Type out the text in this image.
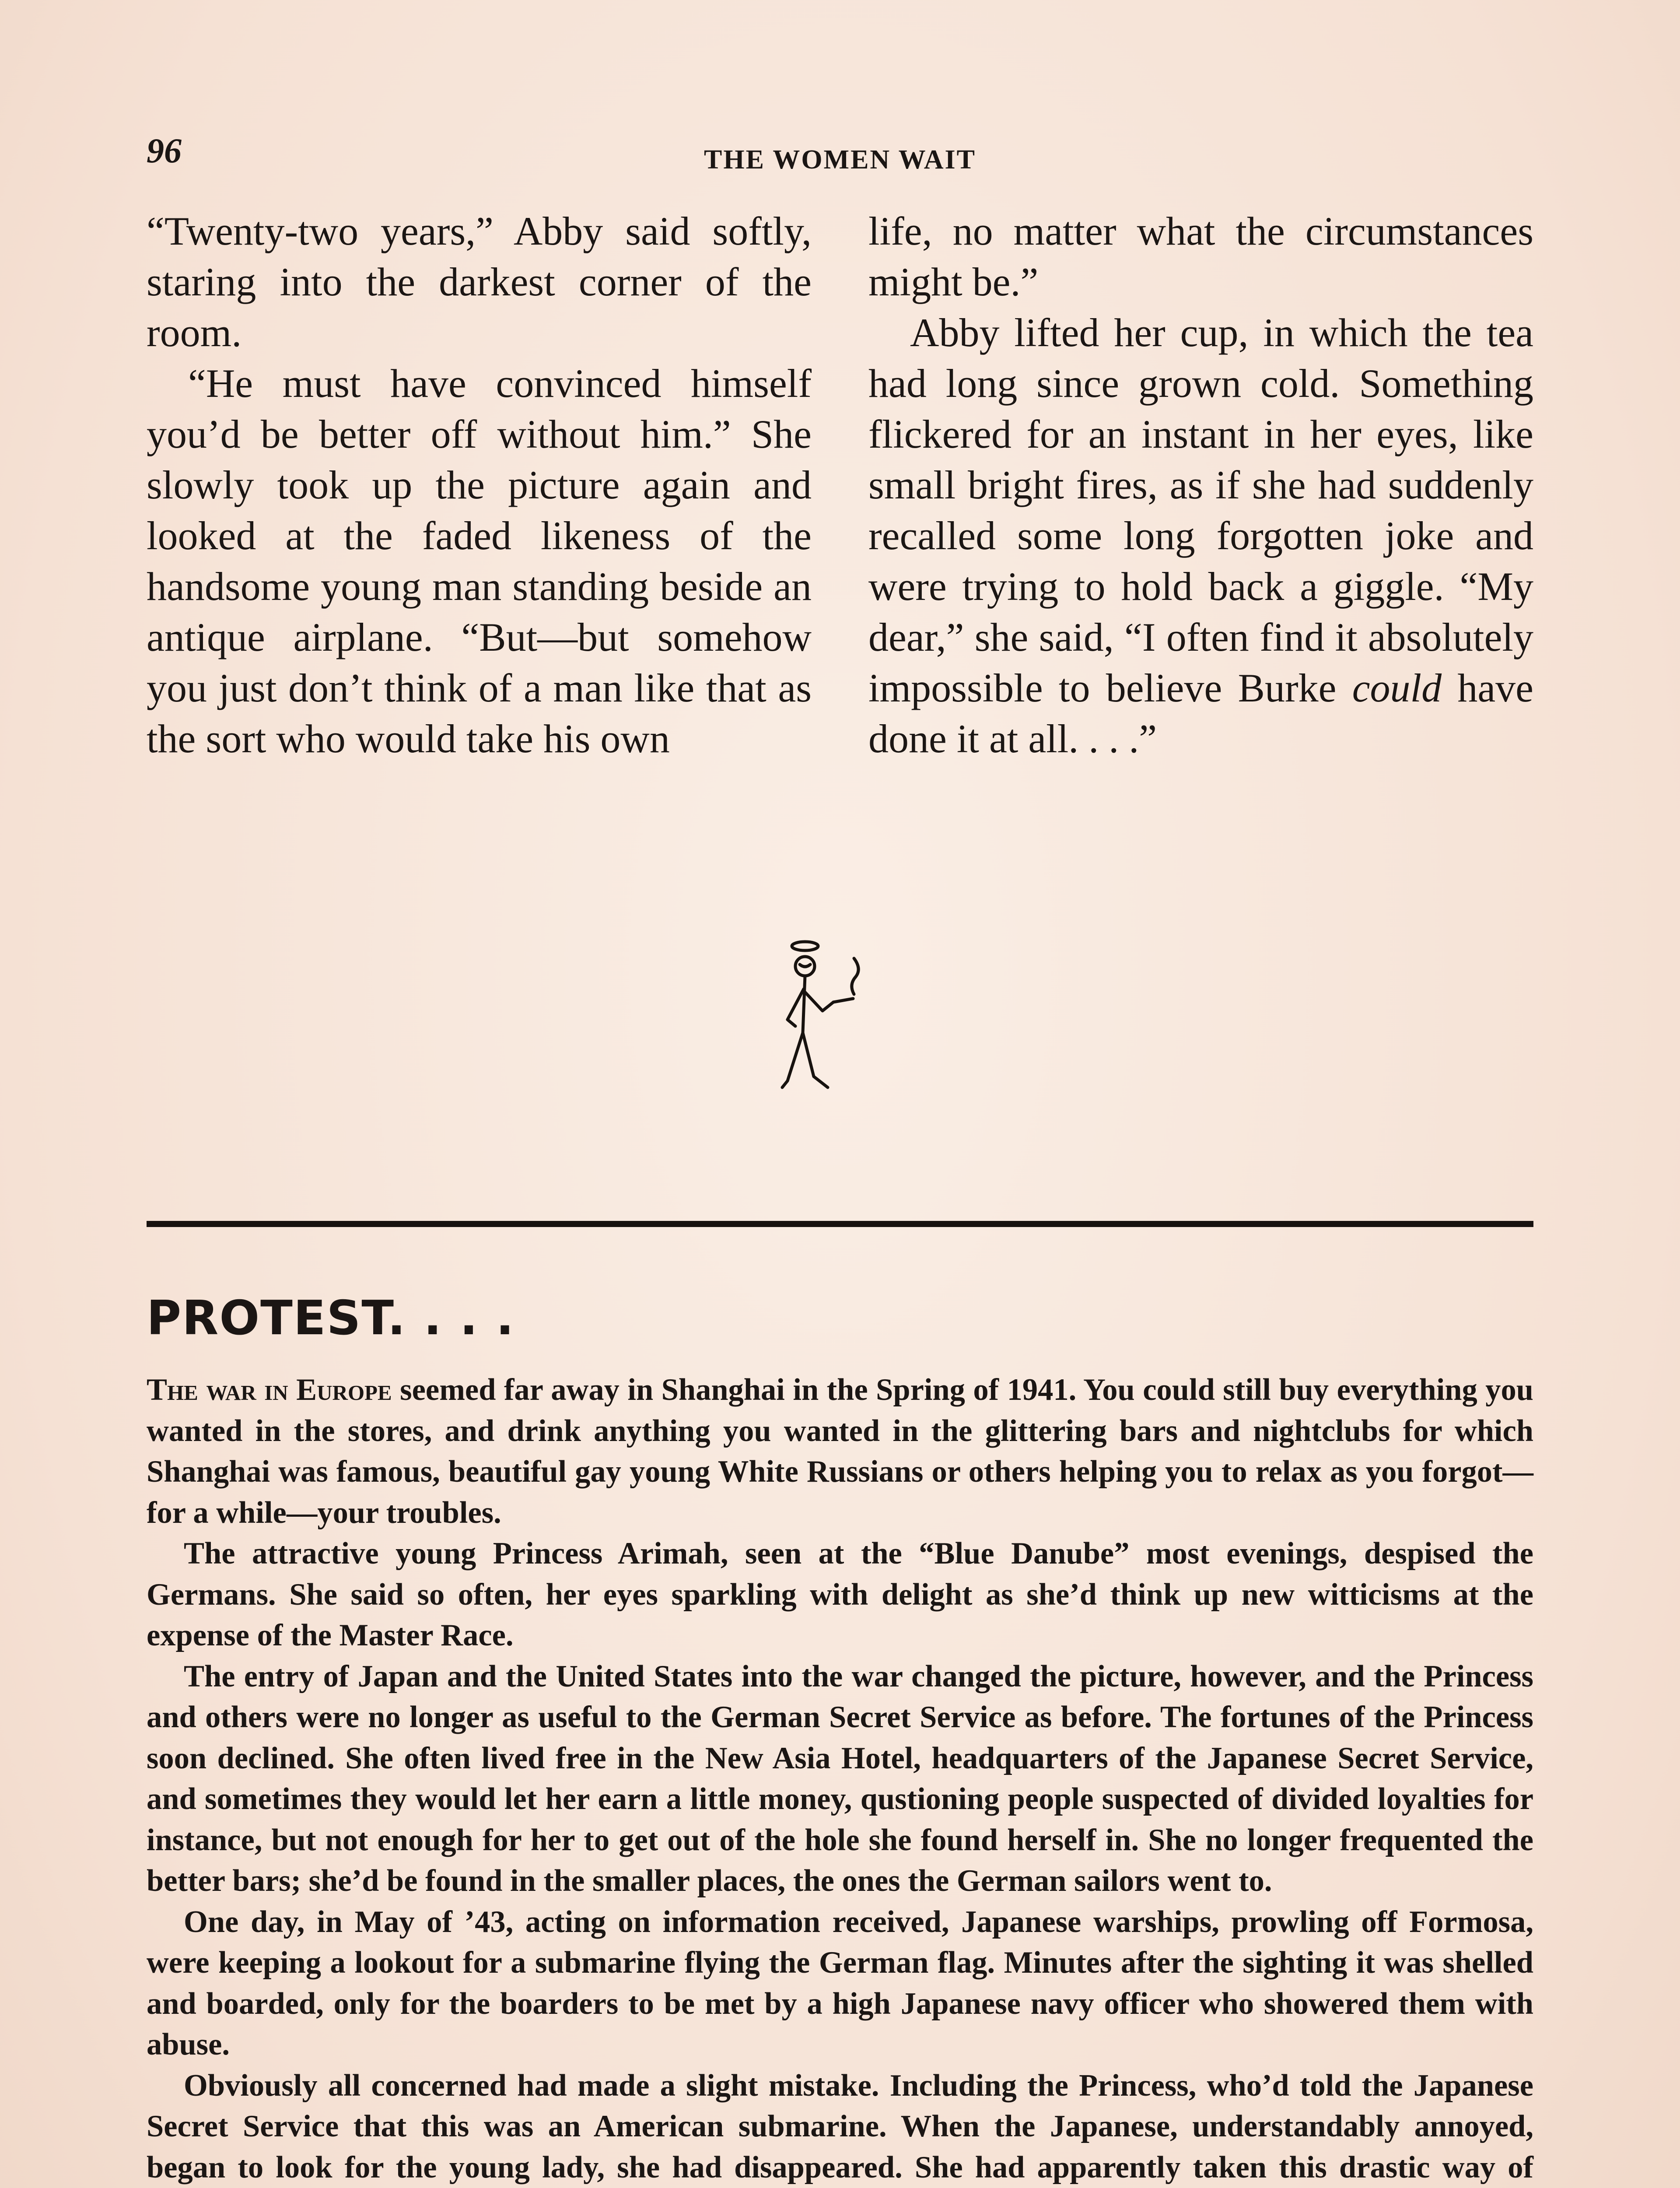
96	THE WOMEN WAIT

“Twenty-two years,” Abby said softly, staring into the darkest corner of the room.

“He must have convinced himself you’d be better off without him.” She slowly took up the picture again and looked at the faded likeness of the handsome young man standing beside an antique airplane. “But—but somehow you just don’t think of a man like that as the sort who would take his own

life, no matter what the circumstances might be.”

Abby lifted her cup, in which the tea had long since grown cold. Something flickered for an instant in her eyes, like small bright fires, as if she had suddenly recalled some long forgotten joke and were trying to hold back a giggle. “My dear,” she said, “I often find it absolutely impossible to believe Burke could have done it at all. . . .”

PROTEST. . . .

The war in Europe seemed far away in Shanghai in the Spring of 1941. You could still buy everything you wanted in the stores, and drink anything you wanted in the glittering bars and nightclubs for which Shanghai was famous, beautiful gay young White Russians or others helping you to relax as you forgot—for a while—your troubles.

The attractive young Princess Arimah, seen at the “Blue Danube” most evenings, despised the Germans. She said so often, her eyes sparkling with delight as she’d think up new witticisms at the expense of the Master Race.

The entry of Japan and the United States into the war changed the picture, however, and the Princess and others were no longer as useful to the German Secret Service as before. The fortunes of the Princess soon declined. She often lived free in the New Asia Hotel, headquarters of the Japanese Secret Service, and sometimes they would let her earn a little money, qustioning people suspected of divided loyalties for instance, but not enough for her to get out of the hole she found herself in. She no longer frequented the better bars; she’d be found in the smaller places, the ones the German sailors went to.

One day, in May of ’43, acting on information received, Japanese warships, prowling off Formosa, were keeping a lookout for a submarine flying the German flag. Minutes after the sighting it was shelled and boarded, only for the boarders to be met by a high Japanese navy officer who showered them with abuse.

Obviously all concerned had made a slight mistake. Including the Princess, who’d told the Japanese Secret Service that this was an American submarine. When the Japanese, understandably annoyed, began to look for the young lady, she had disappeared. She had apparently taken this drastic way of
